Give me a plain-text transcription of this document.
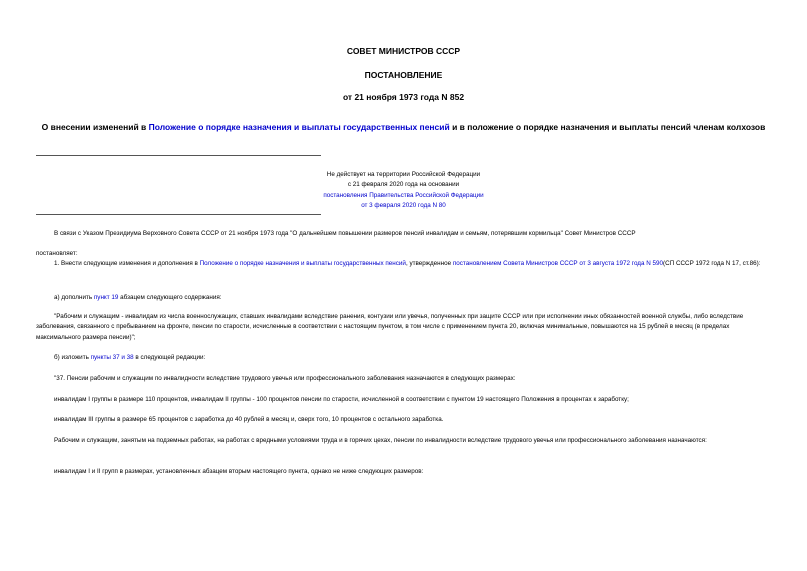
СОВЕТ МИНИСТРОВ СССР
ПОСТАНОВЛЕНИЕ
от 21 ноября 1973 года N 852
О внесении изменений в Положение о порядке назначения и выплаты государственных пенсий и в положение о порядке назначения и выплаты пенсий членам колхозов
Не действует на территории Российской Федерации
с 21 февраля 2020 года на основании
постановления Правительства Российской Федерации
от 3 февраля 2020 года N 80
В связи с Указом Президиума Верховного Совета СССР от 21 ноября 1973 года "О дальнейшем повышении размеров пенсий инвалидам и семьям, потерявшим кормильца" Совет Министров СССР
постановляет:
1. Внести следующие изменения и дополнения в Положение о порядке назначения и выплаты государственных пенсий, утвержденное постановлением Совета Министров СССР от 3 августа 1972 года N 590(СП СССР 1972 года N 17, ст.86):
а) дополнить пункт 19 абзацем следующего содержания:
"Рабочим и служащим - инвалидам из числа военнослужащих, ставших инвалидами вследствие ранения, контузии или увечья, полученных при защите СССР или при исполнении иных обязанностей военной службы, либо вследствие заболевания, связанного с пребыванием на фронте, пенсии по старости, исчисленные в соответствии с настоящим пунктом, в том числе с применением пункта 20, включая минимальные, повышаются на 15 рублей в месяц (в пределах максимального размера пенсии)";
б) изложить пункты 37 и 38 в следующей редакции:
"37. Пенсии рабочим и служащим по инвалидности вследствие трудового увечья или профессионального заболевания назначаются в следующих размерах:
инвалидам I группы в размере 110 процентов, инвалидам II группы - 100 процентов пенсии по старости, исчисленной в соответствии с пунктом 19 настоящего Положения в процентах к заработку;
инвалидам III группы в размере 65 процентов с заработка до 40 рублей в месяц и, сверх того, 10 процентов с остального заработка.
Рабочим и служащим, занятым на подземных работах, на работах с вредными условиями труда и в горячих цехах, пенсии по инвалидности вследствие трудового увечья или профессионального заболевания назначаются:
инвалидам I и II групп в размерах, установленных абзацем вторым настоящего пункта, однако не ниже следующих размеров:
